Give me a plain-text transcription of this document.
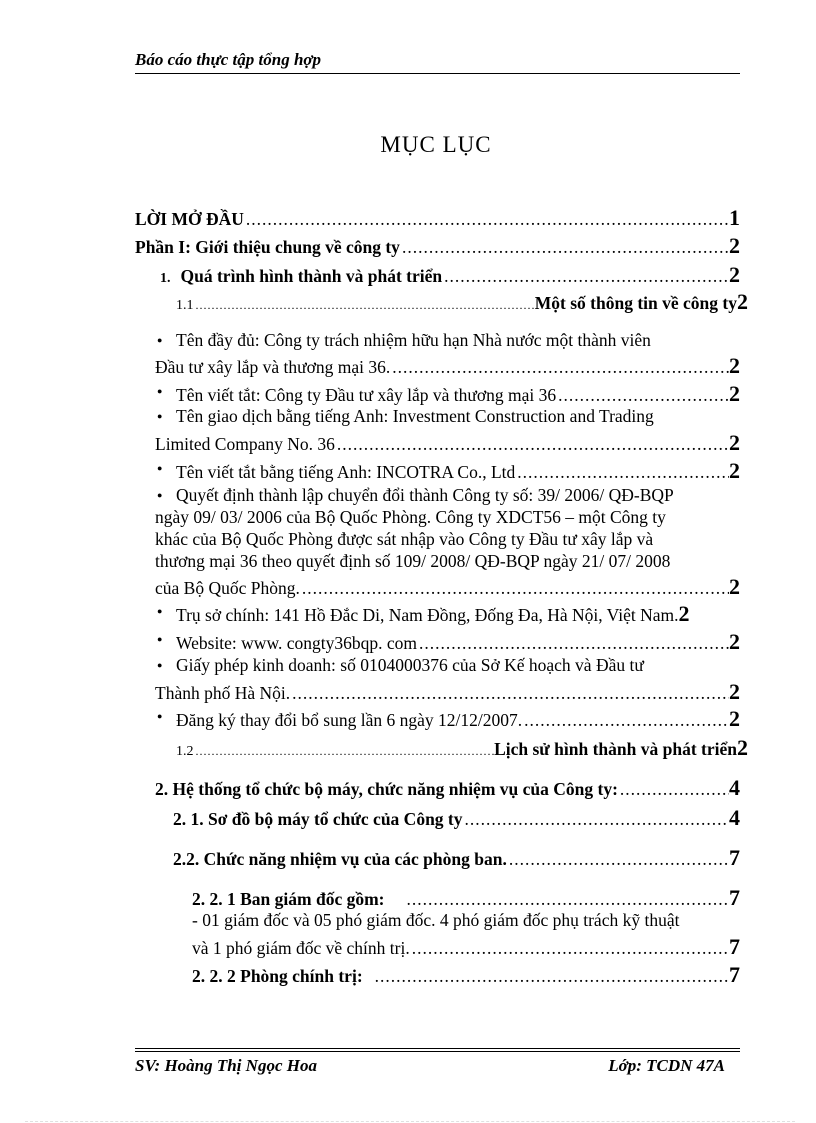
Báo cáo thực tập tổng hợp
MỤC LỤC
LỜI MỞ ĐẦU .....	1
Phần I: Giới thiệu chung về công ty .....	2
1. Quá trình hình thành và phát triển .....	2
1.1 .....	Một số thông tin về công ty 2
● Tên đầy đủ: Công ty trách nhiệm hữu hạn Nhà nước một thành viên
Đầu tư xây lắp và thương mại 36. .....	2
● Tên viết tắt: Công ty Đầu tư xây lắp và thương mại 36 .....	2
● Tên giao dịch bằng tiếng Anh: Investment Construction and Trading
Limited Company No. 36 .....	2
● Tên viết tắt bằng tiếng Anh: INCOTRA Co., Ltd .....	2
● Quyết định thành lập chuyển đổi thành Công ty số: 39/ 2006/ QĐ-BQP
ngày 09/ 03/ 2006 của Bộ Quốc Phòng. Công ty XDCT56 – một Công ty
khác của Bộ Quốc Phòng được sát nhập vào Công ty Đầu tư xây lắp và
thương mại 36 theo quyết định số 109/ 2008/ QĐ-BQP ngày 21/ 07/ 2008
của Bộ Quốc Phòng. .....	2
● Trụ sở chính: 141 Hồ Đắc Di, Nam Đồng, Đống Đa, Hà Nội, Việt Nam. 2
● Website: www. congty36bqp. com .....	2
● Giấy phép kinh doanh: số 0104000376 của Sở Kế hoạch và Đầu tư
Thành phố Hà Nội. .....	2
● Đăng ký thay đổi bổ sung lần 6 ngày 12/12/2007. .....	2
1.2 .....	Lịch sử hình thành và phát triển 2
2. Hệ thống tổ chức bộ máy, chức năng nhiệm vụ của Công ty: .....	4
2. 1. Sơ đồ bộ máy tổ chức của Công ty .....	4
2.2. Chức năng nhiệm vụ của các phòng ban. .....	7
2. 2. 1 Ban giám đốc gồm: .....	7
- 01 giám đốc và 05 phó giám đốc. 4 phó giám đốc phụ trách kỹ thuật
và 1 phó giám đốc về chính trị. .....	7
2. 2. 2 Phòng chính trị: .....	7
SV: Hoàng Thị Ngọc Hoa	Lớp: TCDN 47A
